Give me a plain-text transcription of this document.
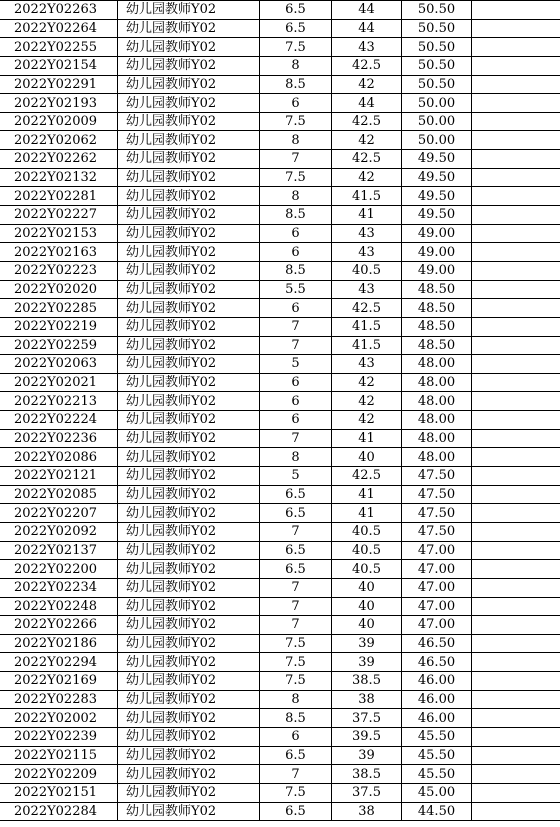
2022Y02263	幼儿园教师Y02	6.5	44	50.50	
2022Y02264	幼儿园教师Y02	6.5	44	50.50	
2022Y02255	幼儿园教师Y02	7.5	43	50.50	
2022Y02154	幼儿园教师Y02	8	42.5	50.50	
2022Y02291	幼儿园教师Y02	8.5	42	50.50	
2022Y02193	幼儿园教师Y02	6	44	50.00	
2022Y02009	幼儿园教师Y02	7.5	42.5	50.00	
2022Y02062	幼儿园教师Y02	8	42	50.00	
2022Y02262	幼儿园教师Y02	7	42.5	49.50	
2022Y02132	幼儿园教师Y02	7.5	42	49.50	
2022Y02281	幼儿园教师Y02	8	41.5	49.50	
2022Y02227	幼儿园教师Y02	8.5	41	49.50	
2022Y02153	幼儿园教师Y02	6	43	49.00	
2022Y02163	幼儿园教师Y02	6	43	49.00	
2022Y02223	幼儿园教师Y02	8.5	40.5	49.00	
2022Y02020	幼儿园教师Y02	5.5	43	48.50	
2022Y02285	幼儿园教师Y02	6	42.5	48.50	
2022Y02219	幼儿园教师Y02	7	41.5	48.50	
2022Y02259	幼儿园教师Y02	7	41.5	48.50	
2022Y02063	幼儿园教师Y02	5	43	48.00	
2022Y02021	幼儿园教师Y02	6	42	48.00	
2022Y02213	幼儿园教师Y02	6	42	48.00	
2022Y02224	幼儿园教师Y02	6	42	48.00	
2022Y02236	幼儿园教师Y02	7	41	48.00	
2022Y02086	幼儿园教师Y02	8	40	48.00	
2022Y02121	幼儿园教师Y02	5	42.5	47.50	
2022Y02085	幼儿园教师Y02	6.5	41	47.50	
2022Y02207	幼儿园教师Y02	6.5	41	47.50	
2022Y02092	幼儿园教师Y02	7	40.5	47.50	
2022Y02137	幼儿园教师Y02	6.5	40.5	47.00	
2022Y02200	幼儿园教师Y02	6.5	40.5	47.00	
2022Y02234	幼儿园教师Y02	7	40	47.00	
2022Y02248	幼儿园教师Y02	7	40	47.00	
2022Y02266	幼儿园教师Y02	7	40	47.00	
2022Y02186	幼儿园教师Y02	7.5	39	46.50	
2022Y02294	幼儿园教师Y02	7.5	39	46.50	
2022Y02169	幼儿园教师Y02	7.5	38.5	46.00	
2022Y02283	幼儿园教师Y02	8	38	46.00	
2022Y02002	幼儿园教师Y02	8.5	37.5	46.00	
2022Y02239	幼儿园教师Y02	6	39.5	45.50	
2022Y02115	幼儿园教师Y02	6.5	39	45.50	
2022Y02209	幼儿园教师Y02	7	38.5	45.50	
2022Y02151	幼儿园教师Y02	7.5	37.5	45.00	
2022Y02284	幼儿园教师Y02	6.5	38	44.50	
